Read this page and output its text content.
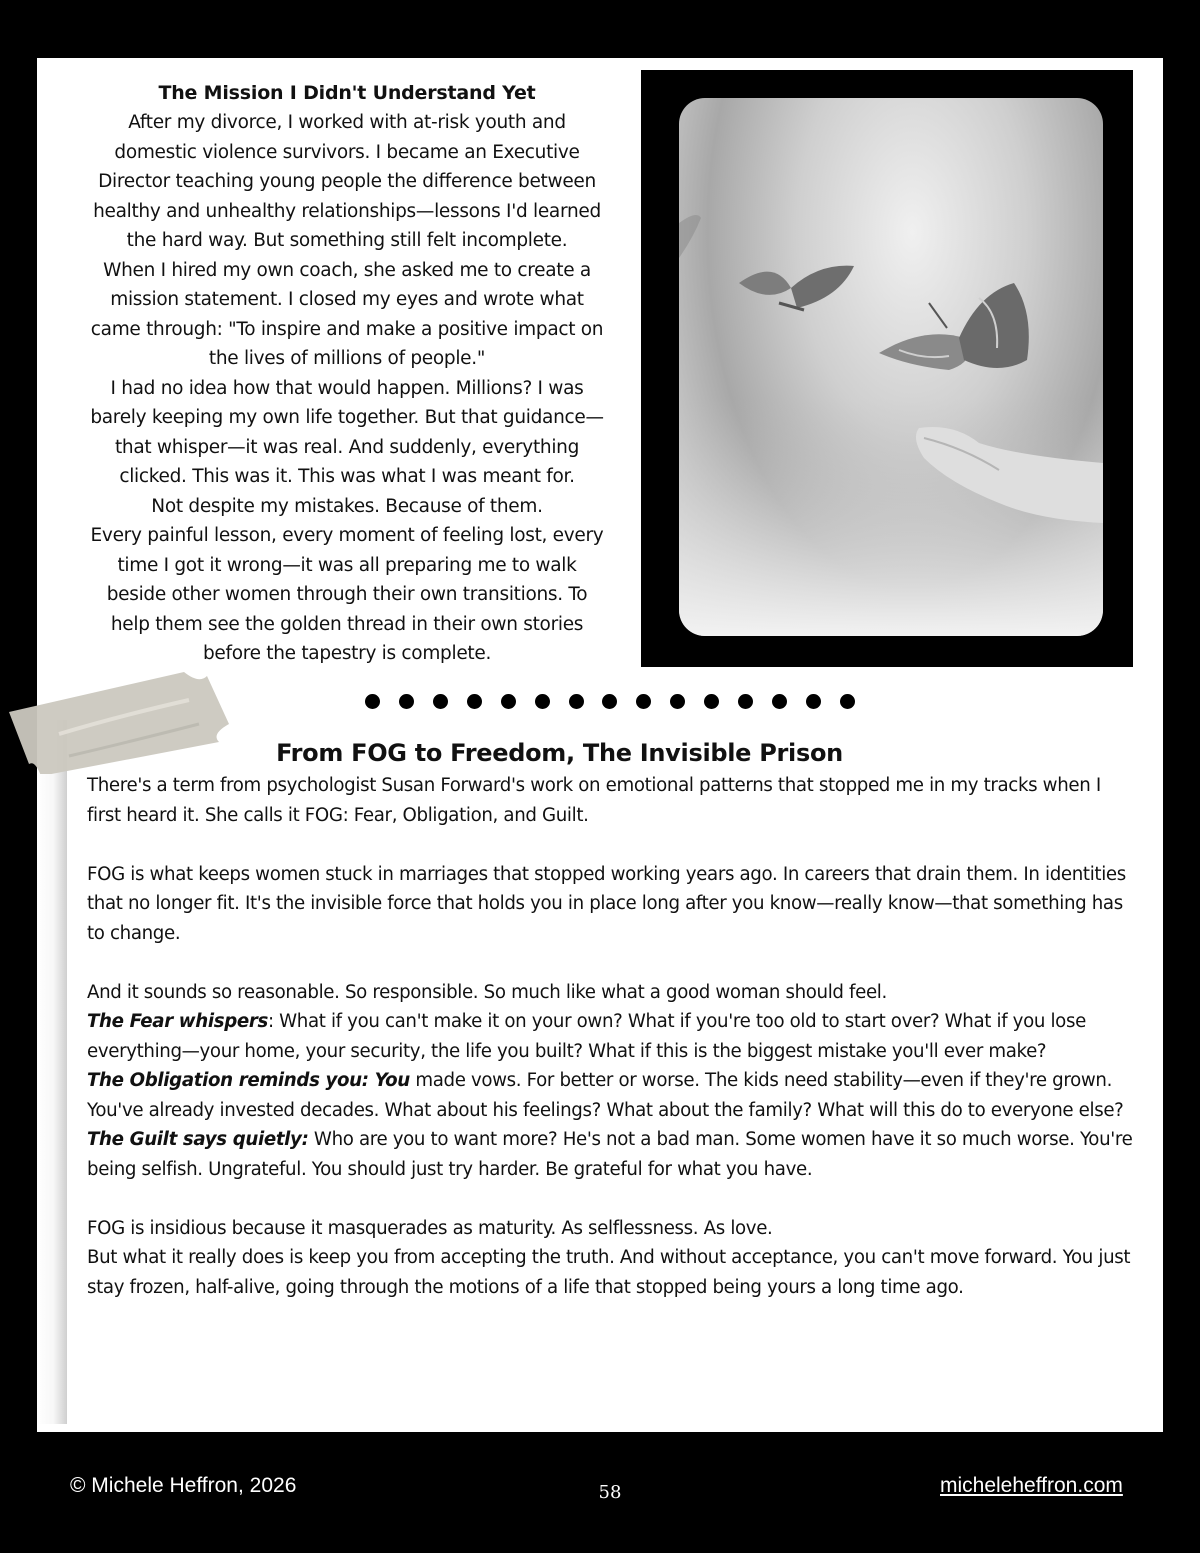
The Mission I Didn't Understand Yet

After my divorce, I worked with at-risk youth and

domestic violence survivors. I became an Executive

Director teaching young people the difference between

healthy and unhealthy relationships—lessons I'd learned

the hard way. But something still felt incomplete.

When I hired my own coach, she asked me to create a

mission statement. I closed my eyes and wrote what

came through: "To inspire and make a positive impact on

the lives of millions of people."

I had no idea how that would happen. Millions? I was

barely keeping my own life together. But that guidance—

that whisper—it was real. And suddenly, everything

clicked. This was it. This was what I was meant for.

Not despite my mistakes. Because of them.

Every painful lesson, every moment of feeling lost, every

time I got it wrong—it was all preparing me to walk

beside other women through their own transitions. To

help them see the golden thread in their own stories

before the tapestry is complete.

From FOG to Freedom, The Invisible Prison

There's a term from psychologist Susan Forward's work on emotional patterns that stopped me in my tracks when I first heard it. She calls it FOG: Fear, Obligation, and Guilt.

FOG is what keeps women stuck in marriages that stopped working years ago. In careers that drain them. In identities that no longer fit. It's the invisible force that holds you in place long after you know—really know—that something has to change.

And it sounds so reasonable. So responsible. So much like what a good woman should feel.

The Fear whispers: What if you can't make it on your own? What if you're too old to start over? What if you lose everything—your home, your security, the life you built? What if this is the biggest mistake you'll ever make?

The Obligation reminds you: You made vows. For better or worse. The kids need stability—even if they're grown. You've already invested decades. What about his feelings? What about the family? What will this do to everyone else?

The Guilt says quietly: Who are you to want more? He's not a bad man. Some women have it so much worse. You're being selfish. Ungrateful. You should just try harder. Be grateful for what you have.

FOG is insidious because it masquerades as maturity. As selflessness. As love.

But what it really does is keep you from accepting the truth. And without acceptance, you can't move forward. You just stay frozen, half-alive, going through the motions of a life that stopped being yours a long time ago.

© Michele Heffron, 2026	58	micheleheffron.com
